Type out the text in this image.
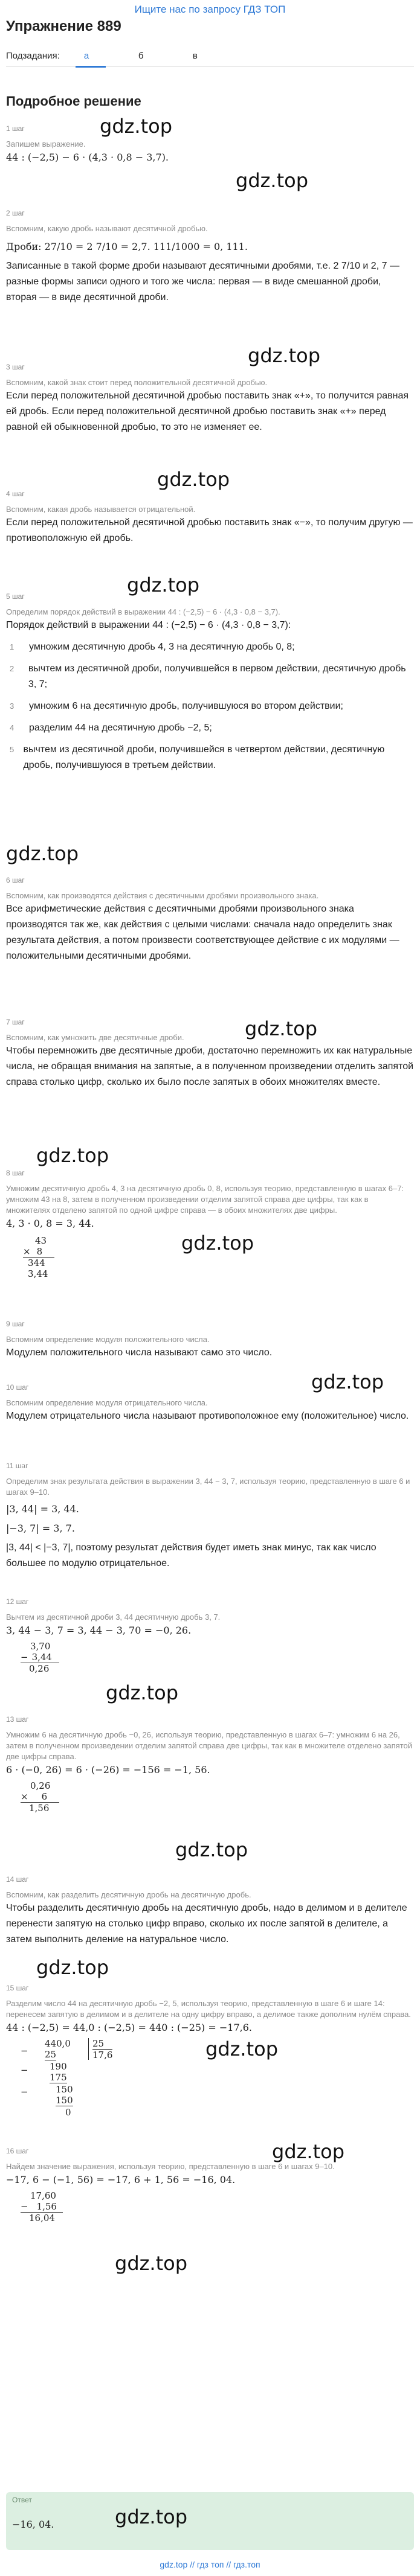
Ищите нас по запросу ГДЗ ТОП
Упражнение 889
Подзадания:	а	б	в
Подробное решение
1 шаг
Запишем выражение.
44 : (−2,5) − 6 · (4,3 · 0,8 − 3,7).
gdz.top
2 шаг
Вспомним, какую дробь называют десятичной дробью.
Дроби: 27/10 = 2 7/10 = 2,7. 111/1000 = 0, 111.
Записанные в такой форме дроби называют десятичными дробями, т.е. 2 7/10 и 2, 7 — разные формы записи одного и того же числа: первая — в виде смешанной дроби, вторая — в виде десятичной дроби.
gdz.top
3 шаг
Вспомним, какой знак стоит перед положительной десятичной дробью.
Если перед положительной десятичной дробью поставить знак «+», то получится равная ей дробь. Если перед положительной десятичной дробью поставить знак «+» перед равной ей обыкновенной дробью, то это не изменяет ее.
gdz.top
4 шаг
Вспомним, какая дробь называется отрицательной.
Если перед положительной десятичной дробью поставить знак «−», то получим другую — противоположную ей дробь.
gdz.top
5 шаг
Определим порядок действий в выражении 44 : (−2,5) − 6 · (4,3 · 0,8 − 3,7).
Порядок действий в выражении 44 : (−2,5) − 6 · (4,3 · 0,8 − 3,7):
1	умножим десятичную дробь 4, 3 на десятичную дробь 0, 8;
2	вычтем из десятичной дроби, получившейся в первом действии, десятичную дробь 3, 7;
3	умножим 6 на десятичную дробь, получившуюся во втором действии;
4	разделим 44 на десятичную дробь −2, 5;
5 вычтем из десятичной дроби, получившейся в четвертом действии, десятичную дробь, получившуюся в третьем действии.
gdz.top
gdz.top
6 шаг
Вспомним, как производятся действия с десятичными дробями произвольного знака.
Все арифметические действия с десятичными дробями произвольного знака производятся так же, как действия с целыми числами: сначала надо определить знак результата действия, а потом произвести соответствующее действие с их модулями — положительными десятичными дробями.
7 шаг
Вспомним, как умножить две десятичные дроби.
Чтобы перемножить две десятичные дроби, достаточно перемножить их как натуральные числа, не обращая внимания на запятые, а в полученном произведении отделить запятой справа столько цифр, сколько их было после запятых в обоих множителях вместе.
gdz.top
gdz.top
8 шаг
Умножим десятичную дробь 4, 3 на десятичную дробь 0, 8, используя теорию, представленную в шагах 6–7: умножим 43 на 8, затем в полученном произведении отделим запятой справа две цифры, так как в множителях отделено запятой по одной цифре справа — в обоих множителях две цифры.
4, 3 · 0, 8 = 3, 44.
43
× 8
344
3,44
gdz.top
9 шаг
Вспомним определение модуля положительного числа.
Модулем положительного числа называют само это число.
10 шаг
Вспомним определение модуля отрицательного числа.
Модулем отрицательного числа называют противоположное ему (положительное) число.
gdz.top
11 шаг
Определим знак результата действия в выражении 3, 44 − 3, 7, используя теорию, представленную в шаге 6 и шагах 9–10.
|3, 44| = 3, 44.
|−3, 7| = 3, 7.
|3, 44| < |−3, 7|, поэтому результат действия будет иметь знак минус, так как число большее по модулю отрицательное.
12 шаг
Вычтем из десятичной дроби 3, 44 десятичную дробь 3, 7.
3, 44 − 3, 7 = 3, 44 − 3, 70 = −0, 26.
3,70
− 3,44
0,26
13 шаг
Умножим 6 на десятичную дробь −0, 26, используя теорию, представленную в шагах 6–7: умножим 6 на 26, затем в полученном произведении отделим запятой справа две цифры, так как в множителе отделено запятой две цифры справа.
6 · (−0, 26) = 6 · (−26) = −156 = −1, 56.
0,26
× 6
1,56
gdz.top
gdz.top
14 шаг
Вспомним, как разделить десятичную дробь на десятичную дробь.
Чтобы разделить десятичную дробь на десятичную дробь, надо в делимом и в делителе перенести запятую на столько цифр вправо, сколько их после запятой в делителе, а затем выполнить деление на натуральное число.
gdz.top
15 шаг
Разделим число 44 на десятичную дробь −2, 5, используя теорию, представленную в шаге 6 и шаге 14: перенесем запятую в делимом и в делителе на одну цифру вправо, а делимое также дополним нулём справа.
44 : (−2,5) = 44,0 : (−2,5) = 440 : (−25) = −17,6.
440,0
− 25
− 190
175
−	150
150
0
25
17,6	gdz.top
16 шаг
Найдем значение выражения, используя теорию, представленную в шаге 6 и шагах 9–10.
−17, 6 − (−1, 56) = −17, 6 + 1, 56 = −16, 04.
17,60
− 1,56
16,04
gdz.top
gdz.top
Ответ
−16, 04.	gdz.top
gdz.top // гдз топ // гдз.топ
